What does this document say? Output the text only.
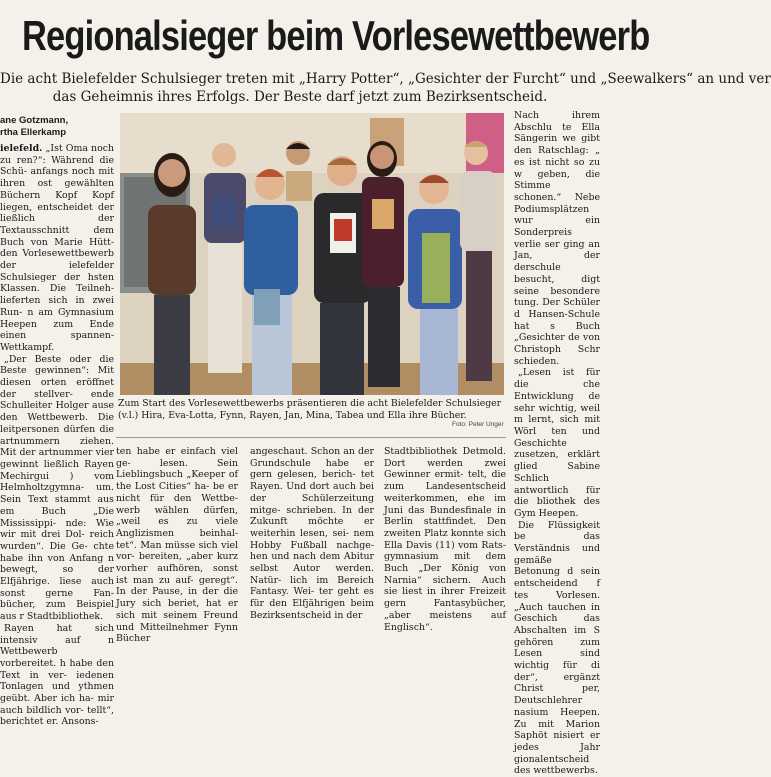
Regionalsieger beim Vorlesewettbewerb
Die acht Bielefelder Schulsieger treten mit „Harry Potter“, „Gesichter der Furcht“ und „Seewalkers“ an und ver
das Geheimnis ihres Erfolgs. Der Beste darf jetzt zum Bezirksentscheid.
ane Gotzmann,
rtha Ellerkamp

ielefeld. „Ist Oma noch zu ren?“: Während die Schü- anfangs noch mit ihren ost gewählten Büchern Kopf Kopf liegen, entscheidet der ließlich der Textausschnitt dem Buch von Marie Hütt- den Vorlesewettbewerb der ielefelder Schulsieger der hsten Klassen. Die Teilneh- lieferten sich in zwei Run- n am Gymnasium Heepen zum Ende einen spannen- Wettkampf.

„Der Beste oder die Beste gewinnen“: Mit diesen orten eröffnet der stellver- ende Schulleiter Holger ause den Wettbewerb. Die leitpersonen dürfen die artnummern ziehen. Mit der artnummer vier gewinnt ließlich Rayen Mechirgui ) vom Helmholtzgymna- um. Sein Text stammt aus em Buch „Die Mississippi- nde: Wie wir mit drei Dol- reich wurden“. Die Ge- chte habe ihn von Anfang n bewegt, so der Elfjährige. liese auch sonst gerne Fan- bücher, zum Beispiel aus r Stadtbibliothek.

Rayen hat sich intensiv auf n Wettbewerb vorbereitet. h habe den Text in ver- iedenen Tonlagen und ythmen geübt. Aber ich ha- mir auch bildlich vor- tellt“, berichtet er. Ansons-

Zum Start des Vorlesewettbewerbs präsentieren die acht Bielefelder Schulsieger (v.l.) Hira, Eva-Lotta, Fynn, Rayen, Jan, Mina, Tabea und Ella ihre Bücher.
Foto: Peter Unger

ten habe er einfach viel ge- lesen. Sein Lieblingsbuch „Keeper of the Lost Cities“ ha- be er nicht für den Wettbe- werb wählen dürfen, „weil es zu viele Anglizismen beinhal- tet“. Man müsse sich viel vor- bereiten, „aber kurz vorher aufhören, sonst ist man zu auf- geregt“. In der Pause, in der die Jury sich beriet, hat er sich mit seinem Freund und Mitteilnehmer Fynn Bücher

angeschaut. Schon an der Grundschule habe er gern gelesen, berich- tet Rayen. Und dort auch bei der Schülerzeitung mitge- schrieben. In der Zukunft möchte er weiterhin lesen, sei- nem Hobby Fußball nachge- hen und nach dem Abitur selbst Autor werden. Natür- lich im Bereich Fantasy. Wei- ter geht es für den Elfjährigen beim Bezirksentscheid in der

Stadtbibliothek Detmold. Dort werden zwei Gewinner ermit- telt, die zum Landesentscheid weiterkommen, ehe im Juni das Bundesfinale in Berlin stattfindet. Den zweiten Platz konnte sich Ella Davis (11) vom Rats- gymnasium mit dem Buch „Der König von Narnia“ sichern. Auch sie liest in ihrer Freizeit gern Fantasybücher, „aber meistens auf Englisch“.

Nach ihrem Abschlu te Ella Sängerin we gibt den Ratschlag: „ es ist nicht so zu w geben, die Stimme schonen.“ Nebe Podiumsplätzen wur ein Sonderpreis verlie ser ging an Jan, der derschule besucht, digt seine besondere tung. Der Schüler d Hansen-Schule hat s Buch „Gesichter de von Christoph Schr schieden.

„Lesen ist für die che Entwicklung de sehr wichtig, weil m lernt, sich mit Wörl ten und Geschichte zusetzen, erklärt glied Sabine Schlich antwortlich für die bliothek des Gym Heepen.

Die Flüssigkeit be das Verständnis und gemäße Betonung d sein entscheidend f tes Vorlesen. „Auch tauchen in Geschich das Abschalten im S gehören zum Lesen sind wichtig für di der“, ergänzt Christ per, Deutschlehrer nasium Heepen. Zu mit Marion Saphöt nisiert er jedes Jahr gionalentscheid des wettbewerbs.
